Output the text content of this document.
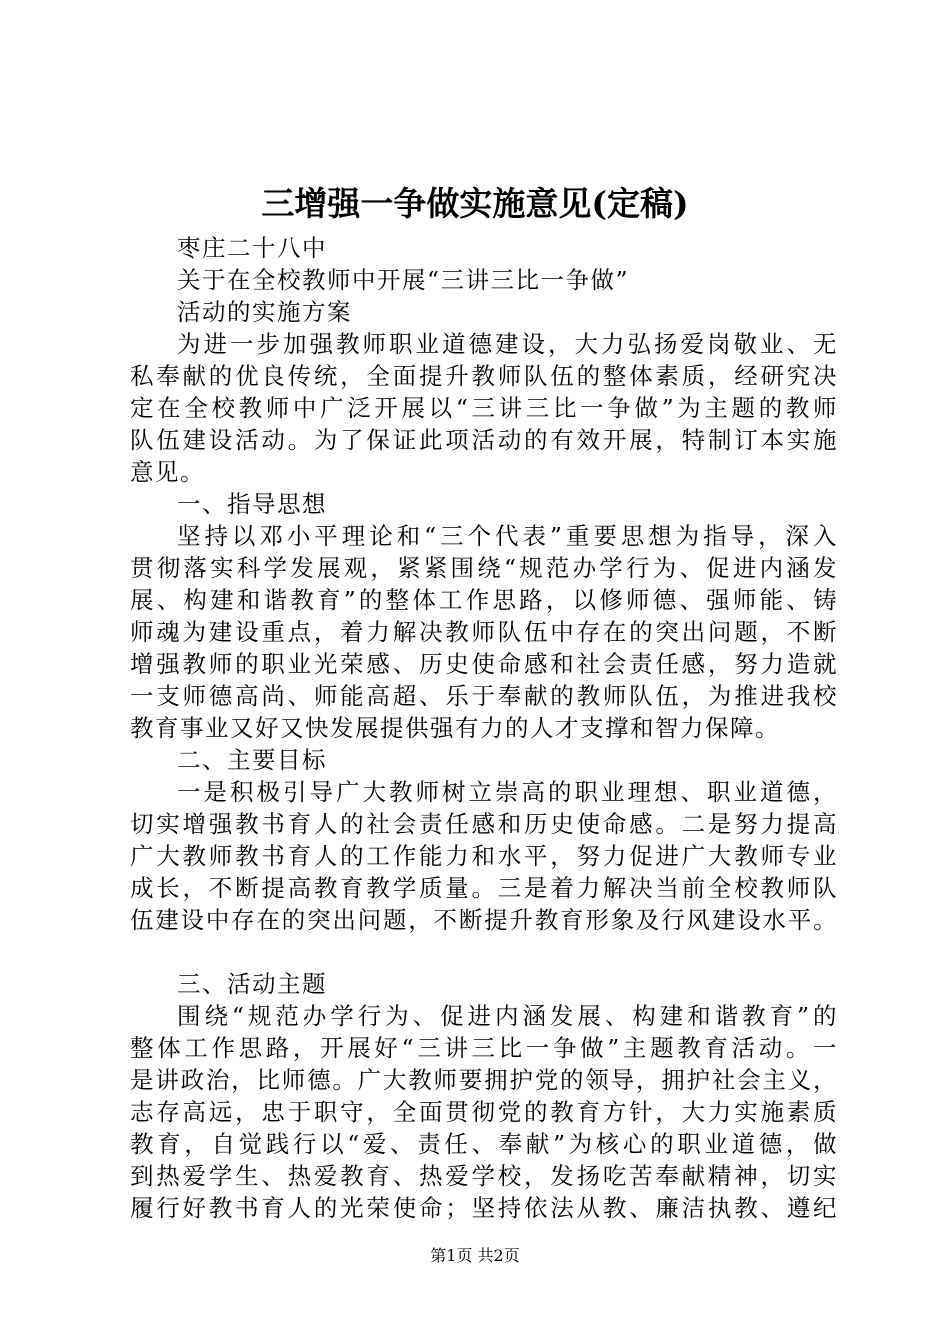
三增强一争做实施意见(定稿)
枣庄二十八中
关于在全校教师中开展“三讲三比一争做”
活动的实施方案
为进一步加强教师职业道德建设，大力弘扬爱岗敬业、无
私奉献的优良传统，全面提升教师队伍的整体素质，经研究决
定在全校教师中广泛开展以“三讲三比一争做”为主题的教师
队伍建设活动。为了保证此项活动的有效开展，特制订本实施
意见。
一、指导思想
坚持以邓小平理论和“三个代表”重要思想为指导，深入
贯彻落实科学发展观，紧紧围绕“规范办学行为、促进内涵发
展、构建和谐教育”的整体工作思路，以修师德、强师能、铸
师魂为建设重点，着力解决教师队伍中存在的突出问题，不断
增强教师的职业光荣感、历史使命感和社会责任感，努力造就
一支师德高尚、师能高超、乐于奉献的教师队伍，为推进我校
教育事业又好又快发展提供强有力的人才支撑和智力保障。
二、主要目标
一是积极引导广大教师树立崇高的职业理想、职业道德，
切实增强教书育人的社会责任感和历史使命感。二是努力提高
广大教师教书育人的工作能力和水平，努力促进广大教师专业
成长，不断提高教育教学质量。三是着力解决当前全校教师队
伍建设中存在的突出问题，不断提升教育形象及行风建设水平。
三、活动主题
围绕“规范办学行为、促进内涵发展、构建和谐教育”的
整体工作思路，开展好“三讲三比一争做”主题教育活动。一
是讲政治，比师德。广大教师要拥护党的领导，拥护社会主义，
志存高远，忠于职守，全面贯彻党的教育方针，大力实施素质
教育，自觉践行以“爱、责任、奉献”为核心的职业道德，做
到热爱学生、热爱教育、热爱学校，发扬吃苦奉献精神，切实
履行好教书育人的光荣使命；坚持依法从教、廉洁执教、遵纪
第1页 共2页
